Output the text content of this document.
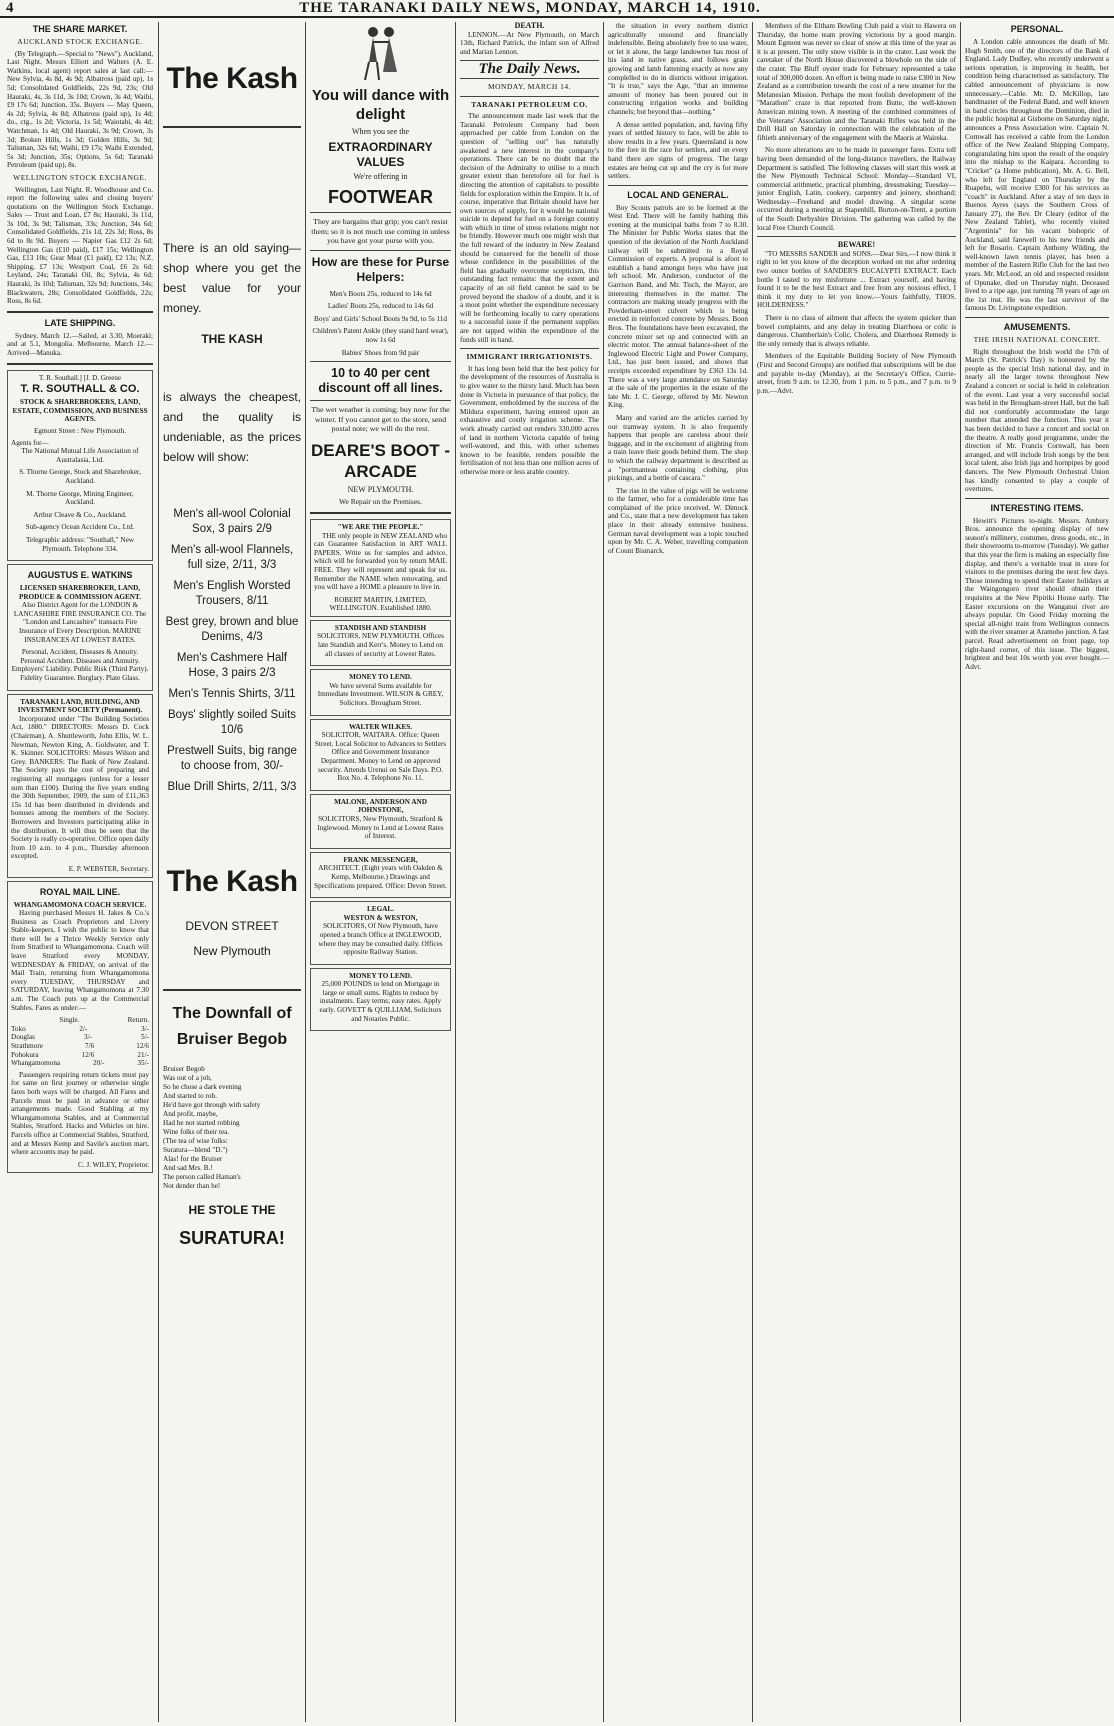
4	THE TARANAKI DAILY NEWS, MONDAY, MARCH 14, 1910.
THE SHARE MARKET.
AUCKLAND STOCK EXCHANGE.

(By Telegraph.—Special to "News"). Auckland, Last Night. Messrs Elliott and Walters (A. E. Watkins, local agent) report sales at last call:—New Sylvia, 4s 8d, 4s 9d; Albatross (paid up), 1s 5d; Consolidated Goldfields, 22s 9d, 23s; Old Hauraki, 4s, 3s 11d, 3s 10d; Crown, 3s 4d; Waihi, £9 17s 6d; Junction, 35s. Buyers — May Queen, 4s 2d; Sylvia, 4s 8d; Albatross (paid up), 1s 4d; do., ctg., 1s 2d; Victoria, 1s 5d; Waiotahi, 4s 4d; Watchman, 1s 4d; Old Hauraki, 3s 9d; Crown, 3s 3d; Broken Hills, 1s 3d; Golden Hills, 3s 9d; Talisman, 32s 6d; Waihi, £9 17s; Waihi Extended, 5s 3d; Junction, 35s; Options, 5s 6d; Taranaki Petroleum (paid up), 8s.

WELLINGTON STOCK EXCHANGE.

Wellington, Last Night. R. Woodhouse and Co. report the following sales and closing buyers' quotations on the Wellington Stock Exchange. Sales — Trust and Loan, £7 8s; Hauraki, 3s 11d, 3s 10d, 3s 9d; Talisman, 33s; Junction, 34s 6d; Consolidated Goldfields, 21s 1d, 22s 3d; Ross, 8s 6d to 8s 9d. Buyers — Napier Gas £12 2s 6d; Wellington Gas (£10 paid), £17 15s; Wellington Gas, £13 10s; Gear Meat (£1 paid), £2 13s; N.Z. Shipping, £7 13s; Westport Coal, £6 2s 6d; Leyland, 24s; Taranaki Oil, 8s; Sylvia, 4s 6d; Hauraki, 3s 10d; Talisman, 32s 9d; Junctions, 34s; Blackwaters, 28s; Consolidated Goldfields, 22s; Ross, 8s 6d.

LATE SHIPPING.

Sydney, March 12.—Sailed, at 3.30, Moeraki; and at 5.1, Mongolia. Melbourne, March 12.—Arrived—Manuka.

T. R. Southall.] [J. D. Greene
T. R. SOUTHALL & CO.
STOCK & SHAREBROKERS, LAND, ESTATE, COMMISSION, AND BUSINESS AGENTS.
Egmont Street : New Plymouth.
Agents for—

The National Mutual Life Association of Australasia, Ltd.

S. Thorne George, Stock and Sharebroker, Auckland.

M. Thorne George, Mining Engineer, Auckland.

Arthur Cleave & Co., Auckland.

Sub-agency Ocean Accident Co., Ltd.

Telegraphic address: "Southall," New Plymouth. Telephone 334.

AUGUSTUS E. WATKINS
LICENSED SHAREBROKER, LAND, PRODUCE & COMMISSION AGENT.

Also District Agent for the LONDON & LANCASHIRE FIRE INSURANCE CO. The "London and Lancashire" transacts Fire Insurance of Every Description. MARINE INSURANCES AT LOWEST RATES.

Personal, Accident, Diseases & Annuity. Personal Accident. Diseases and Annuity. Employers' Liability. Public Risk (Third Party). Fidelity Guarantee. Burglary. Plate Glass.

TARANAKI LAND, BUILDING, AND INVESTMENT SOCIETY (Permanent).

Incorporated under "The Building Societies Act, 1880." DIRECTORS: Messrs D. Cock (Chairman), A. Shuttleworth, John Ellis, W. L. Newman, Newton King, A. Goldwater, and T. K. Skinner. SOLICITORS: Messrs Wilson and Grey. BANKERS: The Bank of New Zealand. The Society pays the cost of preparing and registering all mortgages (unless for a lesser sum than £100). During the five years ending the 30th September, 1909, the sum of £11,363 15s 1d has been distributed in dividends and bonuses among the members of the Society. Borrowers and Investors participating alike in the distribution. It will thus be seen that the Society is really co-operative. Office open daily from 10 a.m. to 4 p.m., Thursday afternoon excepted.

E. P. WEBSTER, Secretary.
ROYAL MAIL LINE.
WHANGAMOMONA COACH SERVICE.

Having purchased Messrs H. Jakes & Co.'s Business as Coach Proprietors and Livery Stable-keepers, I wish the public to know that there will be a Thrice Weekly Service only from Stratford to Whangamomona. Coach will leave Stratford every MONDAY, WEDNESDAY & FRIDAY, on arrival of the Mail Train, returning from Whangamomona every TUESDAY, THURSDAY and SATURDAY, leaving Whangamomona at 7.30 a.m. The Coach puts up at the Commercial Stables. Fares as under:—

Single.	Return.
Toko	2/-	3/-
Douglas	3/-	5/-
Strathmore	7/6	12/6
Pohokura	12/6	21/-
Whangamomona	20/-	35/-

Passengers requiring return tickets must pay for same on first journey or otherwise single fares both ways will be charged. All Fares and Parcels must be paid in advance or other arrangements made. Good Stabling at my Whangamomona Stables, and at Commercial Stables, Stratford. Hacks and Vehicles on hire. Parcels office at Commercial Stables, Stratford, and at Messrs Kemp and Savile's auction mart, where accounts may be paid.

C. J. WILEY, Proprietor.
The Kash
There is an old saying—shop where you get the best value for your money.
THE KASH
is always the cheapest, and the quality is undeniable, as the prices below will show:
Men's all-wool Colonial Sox, 3 pairs 2/9
Men's all-wool Flannels, full size, 2/11, 3/3
Men's English Worsted Trousers, 8/11
Best grey, brown and blue Denims, 4/3
Men's Cashmere Half Hose, 3 pairs 2/3
Men's Tennis Shirts, 3/11
Boys' slightly soiled Suits 10/6
Prestwell Suits, big range to choose from, 30/-
Blue Drill Shirts, 2/11, 3/3
The Kash
DEVON STREET
New Plymouth
The Downfall of Bruiser Begob
Bruiser Begob
Was out of a job,
So he chose a dark evening
And started to rob.
He'd have got through with safety
And profit, maybe,
Had he not started robbing
Wine folks of their tea.
(The tea of wise folks:
Suratura—blend "D.")
Alas! for the Bruiser
And sad Mrs. B.!
The person called Haman's
Not dender than he!
HE STOLE THE
SURATURA!
You will dance with delight
When you see the
EXTRAORDINARY VALUES
We're offering in
FOOTWEAR

They are bargains that grip; you can't resist them; so it is not much use coming in unless you have got your purse with you.

How are these for Purse Helpers:

Men's Boots 25s, reduced to 14s 6d

Ladies' Boots 25s, reduced to 14s 6d

Boys' and Girls' School Boots 9s 9d, to 5s 11d

Children's Patent Ankle (they stand hard wear), now 1s 6d

Babies' Shoes from 9d pair

10 to 40 per cent discount off all lines.

The wet weather is coming; buy now for the winter. If you cannot get to the store, send postal note; we will do the rest.

DEARE'S BOOT - ARCADE
NEW PLYMOUTH.
We Repair on the Premises.
"WE ARE THE PEOPLE."

THE only people in NEW ZEALAND who can Guarantee Satisfaction in ART WALL PAPERS. Write us for samples and advice, which will be forwarded you by return MAIL FREE. They will represent and speak for us. Remember the NAME when renovating, and you will have a HOME a pleasure to live in.

ROBERT MARTIN, LIMITED, WELLINGTON. Established 1880.
STANDISH AND STANDISH

SOLICITORS, NEW PLYMOUTH. Offices late Standish and Kerr's. Money to Lend on all classes of security at Lowest Rates.

MONEY TO LEND.

We have several Sums available for Immediate Investment. WILSON & GREY, Solicitors. Brougham Street.

WALTER WILKES.

SOLICITOR, WAITARA. Office: Queen Street. Local Solicitor to Advances to Settlers Office and Government Insurance Department. Money to Lend on approved security. Attends Urenui on Sale Days. P.O. Box No. 4. Telephone No. 11.

MALONE, ANDERSON AND JOHNSTONE,

SOLICITORS, New Plymouth, Stratford & Inglewood. Money to Lend at Lowest Rates of Interest.

FRANK MESSENGER,

ARCHITECT. (Eight years with Oakden & Kemp, Melbourne.) Drawings and Specifications prepared. Office: Devon Street.

LEGAL.
WESTON & WESTON,

SOLICITORS, Of New Plymouth, have opened a branch Office at INGLEWOOD, where they may be consulted daily. Offices opposite Railway Station.

MONEY TO LEND.

25,000 POUNDS to lend on Mortgage in large or small sums. Rights to reduce by instalments. Easy terms; easy rates. Apply early. GOVETT & QUILLIAM, Solicitors and Notaries Public.

DEATH.

LENNON.—At New Plymouth, on March 13th, Richard Patrick, the infant son of Alfred and Marian Lennon.

The Daily News.
MONDAY, MARCH 14.
TARANAKI PETROLEUM CO.

The announcement made last week that the Taranaki Petroleum Company had been approached per cable from London on the question of "selling out" has naturally awakened a new interest in the company's operations. There can be no doubt that the decision of the Admiralty to utilise to a much greater extent than heretofore oil for fuel is directing the attention of capitalists to possible fields for exploration within the Empire. It is, of course, imperative that Britain should have her own sources of supply, for it would be national suicide to depend for fuel on a foreign country with which in time of stress relations might not be friendly. However much one might wish that the full reward of the industry in New Zealand should be conserved for the benefit of those whose confidence in the possibilities of the field has gradually overcome scepticism, this outstanding fact remains: that the extent and capacity of an oil field cannot be said to be proved beyond the shadow of a doubt, and it is a moot point whether the expenditure necessary will be forthcoming locally to carry operations to a successful issue if the permanent supplies are not tapped within the expenditure of the funds still in hand.

IMMIGRANT IRRIGATIONISTS.

It has long been held that the best policy for the development of the resources of Australia is to give water to the thirsty land. Much has been done in Victoria in pursuance of that policy, the Government, emboldened by the success of the Mildura experiment, having entered upon an exhaustive and costly irrigation scheme. The work already carried out renders 330,000 acres of land in northern Victoria capable of being well-watered, and this, with other schemes known to be feasible, renders possible the fertilisation of not less than one million acres of otherwise more or less arable country.

the situation in every northern district agriculturally unsound and financially indefensible. Being absolutely free to use water, or let it alone, the large landowner has most of his land in native grass, and follows grain growing and lamb fattening exactly as now any complelled to do in districts without irrigation. "It is true," says the Age, "that an immense amount of money has been poured out in constructing irrigation works and building channels; but beyond that—nothing."

A dense settled population, and, having fifty years of settled history to face, will be able to show results in a few years. Queensland is now to the fore in the race for settlers, and on every hand there are signs of progress. The large estates are being cut up and the cry is for more settlers.

LOCAL AND GENERAL.

Boy Scouts patrols are to be formed at the West End. There will be family bathing this evening at the municipal baths from 7 to 8.30. The Minister for Public Works states that the question of the deviation of the North Auckland railway will be submitted to a Royal Commission of experts. A proposal is afoot to establish a band amongst boys who have just left school. Mr. Anderson, conductor of the Garrison Band, and Mr. Tisch, the Mayor, are interesting themselves in the matter. The contractors are making steady progress with the Powderham-street culvert which is being erected in reinforced concrete by Messrs. Boon Bros. The foundations have been excavated, the concrete mixer set up and connected with an electric motor. The annual balance-sheet of the Inglewood Electric Light and Power Company, Ltd., has just been issued, and shows that receipts exceeded expenditure by £363 13s 1d. There was a very large attendance on Saturday at the sale of the properties in the estate of the late Mr. J. C. George, offered by Mr. Newton King.

Many and varied are the articles carried by our tramway system. It is also frequently happens that people are careless about their luggage, and in the excitement of alighting from a train leave their goods behind them. The shop to which the railway department is described as a "portmanteau containing clothing, plus pickings, and a bottle of cascara."

The rise in the value of pigs will be welcome to the farmer, who for a considerable time has complained of the price received. W. Dimock and Co., state that a new development has taken place in their already extensive business. German naval development was a topic touched upon by Mr. C. A. Weber, travelling companion of Count Bismarck.

Members of the Eltham Bowling Club paid a visit to Hawera on Thursday, the home team proving victorious by a good margin. Mount Egmont was never so clear of snow at this time of the year as it is at present. The only snow visible is in the crater. Last week the caretaker of the North House discovered a blowhole on the side of the crater. The Bluff oyster trade for February represented a take total of 300,000 dozen. An effort is being made to raise £300 in New Zealand as a contribution towards the cost of a new steamer for the Melanesian Mission. Perhaps the most foolish development of the "Marathon" craze is that reported from Butte, the well-known American mining town. A meeting of the combined committees of the Veterans' Association and the Taranaki Rifles was held in the Drill Hall on Saturday in connection with the celebration of the fiftieth anniversary of the engagement with the Maoris at Waireka.

No more alterations are to be made in passenger fares. Extra toll having been demanded of the long-distance travellers, the Railway Department is satisfied. The following classes will start this week at the New Plymouth Technical School: Monday—Standard VI, commercial arithmetic, practical plumbing, dressmaking; Tuesday—junior English, Latin, cookery, carpentry and joinery, shorthand; Wednesday—Freehand and model drawing. A singular scene occurred during a meeting at Stapenhill, Burton-on-Trent, a portion of the South Derbyshire Division. The gathering was called by the local Free Church Council.

BEWARE!

"TO MESSRS SANDER and SONS.—Dear Sirs,—I now think it right to let you know of the deception worked on me after ordering two ounce bottles of SANDER'S EUCALYPTI EXTRACT. Each bottle I tasted to my misfortune ... Extract yourself, and having found it to be the best Extract and free from any noxious effect, I think it my duty to let you know.—Yours faithfully, THOS. HOLDERNESS."

There is no class of ailment that affects the system quicker than bowel complaints, and any delay in treating Diarrhoea or colic is dangerous. Chamberlain's Colic, Cholera, and Diarrhoea Remedy is the only remedy that is always reliable.

Members of the Equitable Building Society of New Plymouth (First and Second Groups) are notified that subscriptions will be due and payable to-day (Monday), at the Secretary's Office, Currie-street, from 9 a.m. to 12.30, from 1 p.m. to 5 p.m., and 7 p.m. to 9 p.m.—Advt.

PERSONAL.

A London cable announces the death of Mr. Hugh Smith, one of the directors of the Bank of England. Lady Dudley, who recently underwent a serious operation, is improving in health, her condition being characterised as satisfactory. The cabled announcement of physicians is now unnecessary.—Cable. Mr. D. McKillop, late bandmaster of the Federal Band, and well known in band circles throughout the Dominion, died in the public hospital at Gisborne on Saturday night, announces a Press Association wire. Captain N. Cornwall has received a cable from the London office of the New Zealand Shipping Company, congratulating him upon the result of the enquiry into the mishap to the Kaipara. According to "Cricket" (a Home publication), Mr. A. G. Bell, who left for England on Thursday by the Ruapehu, will receive £300 for his services as "coach" in Auckland. After a stay of ten days in Buenos Ayres (says the Southern Cross of January 27), the Rev. Dr Cleary (editor of the New Zealand Tablet), who recently visited "Argentinia" for his vacant bishopric of Auckland, said farewell to his new friends and left for Rosario. Captain Anthony Wilding, the well-known lawn tennis player, has been a member of the Eastern Rifle Club for the last two years. Mr. McLeod, an old and respected resident of Opunake, died on Thursday night. Deceased lived to a ripe age, just turning 78 years of age on the 1st inst. He was the last survivor of the famous Dr. Livingstone expedition.

AMUSEMENTS.
THE IRISH NATIONAL CONCERT.

Right throughout the Irish world the 17th of March (St. Patrick's Day) is honoured by the people as the special Irish national day, and in nearly all the larger towns throughout New Zealand a concert or social is held in celebration of the event. Last year a very successful social was held in the Brougham-street Hall, but the hall did not comfortably accommodate the large number that attended the function. This year it has been decided to have a concert and social on the theatre. A really good programme, under the direction of Mr. Francis Cornwall, has been arranged, and will include Irish songs by the best local talent, also Irish jigs and hornpipes by good dancers. The New Plymouth Orchestral Union has kindly consented to play a couple of overtures.

INTERESTING ITEMS.

Hewitt's Pictures to-night. Messrs. Ambury Bros. announce the opening display of new season's millinery, costumes, dress goods, etc., in their showrooms to-morrow (Tuesday). We gather that this year the firm is making an especially fine display, and there's a veritable treat in store for visitors to the premises during the next few days. Those intending to spend their Easter holidays at the Waingongoro river should obtain their requisites at the New Pipiriki House early. The Easter excursions on the Wanganui river are always popular. On Good Friday morning the special all-night train from Wellington connects with the river steamer at Aramoho junction. A fast parcel. Read advertisement on front page, top right-hand corner, of this issue. The biggest, brightest and best 10s worth you ever bought.—Advt.
